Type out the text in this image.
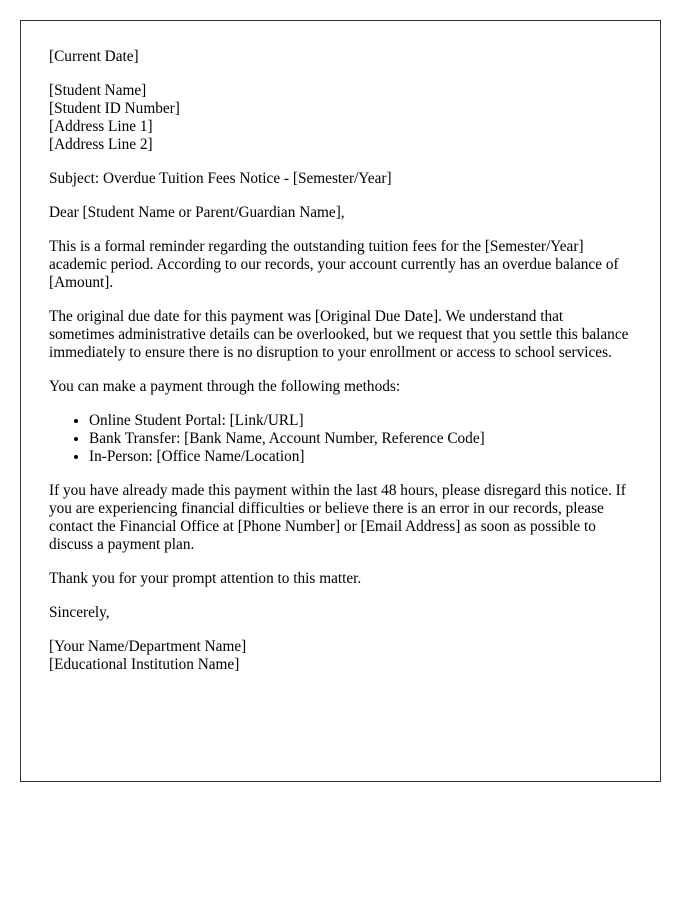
[Current Date]

[Student Name]
[Student ID Number]
[Address Line 1]
[Address Line 2]

Subject: Overdue Tuition Fees Notice - [Semester/Year]

Dear [Student Name or Parent/Guardian Name],

This is a formal reminder regarding the outstanding tuition fees for the [Semester/Year] academic period. According to our records, your account currently has an overdue balance of [Amount].

The original due date for this payment was [Original Due Date]. We understand that sometimes administrative details can be overlooked, but we request that you settle this balance immediately to ensure there is no disruption to your enrollment or access to school services.

You can make a payment through the following methods:

• Online Student Portal: [Link/URL]
• Bank Transfer: [Bank Name, Account Number, Reference Code]
• In-Person: [Office Name/Location]

If you have already made this payment within the last 48 hours, please disregard this notice. If you are experiencing financial difficulties or believe there is an error in our records, please contact the Financial Office at [Phone Number] or [Email Address] as soon as possible to discuss a payment plan.

Thank you for your prompt attention to this matter.

Sincerely,

[Your Name/Department Name]
[Educational Institution Name]
